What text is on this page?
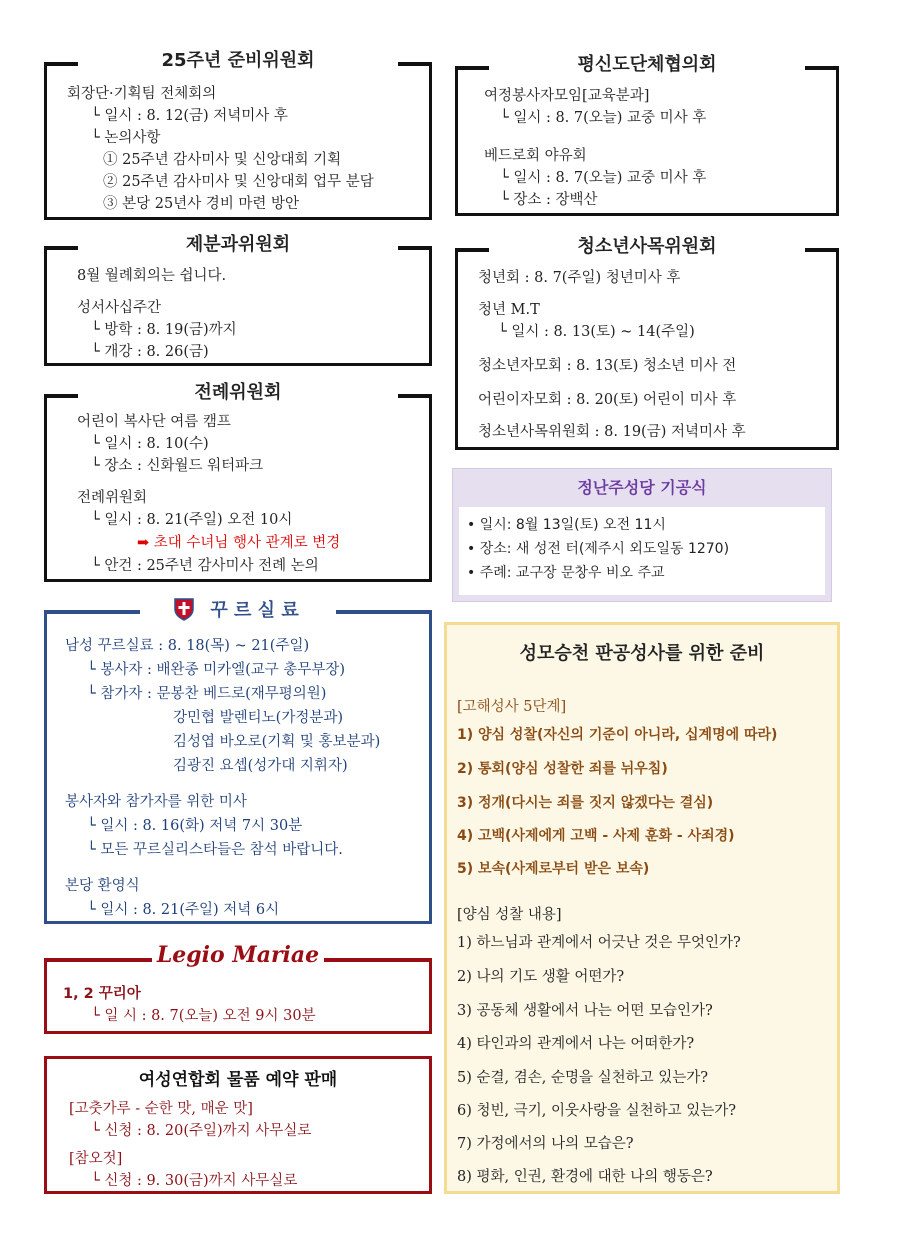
25주년 준비위원회
회장단·기획팀 전체회의
└ 일시 : 8. 12(금) 저녁미사 후
└ 논의사항
① 25주년 감사미사 및 신앙대회 기획
② 25주년 감사미사 및 신앙대회 업무 분담
③ 본당 25년사 경비 마련 방안
평신도단체협의회
여정봉사자모임[교육분과]
└ 일시 : 8. 7(오늘) 교중 미사 후
베드로회 야유회
└ 일시 : 8. 7(오늘) 교중 미사 후
└ 장소 : 장백산
제분과위원회
8월 월례회의는 쉽니다.
성서사십주간
└ 방학 : 8. 19(금)까지
└ 개강 : 8. 26(금)
청소년사목위원회
청년회 : 8. 7(주일) 청년미사 후
청년 M.T
└ 일시 : 8. 13(토) ~ 14(주일)
청소년자모회 : 8. 13(토) 청소년 미사 전
어린이자모회 : 8. 20(토) 어린이 미사 후
청소년사목위원회 : 8. 19(금) 저녁미사 후
전례위원회
어린이 복사단 여름 캠프
└ 일시 : 8. 10(수)
└ 장소 : 신화월드 워터파크
전례위원회
└ 일시 : 8. 21(주일) 오전 10시
➡ 초대 수녀님 행사 관계로 변경
└ 안건 : 25주년 감사미사 전례 논의
정난주성당 기공식
• 일시: 8월 13일(토) 오전 11시
• 장소: 새 성전 터(제주시 외도일동 1270)
• 주례: 교구장 문창우 비오 주교
꾸 르 실 료
남성 꾸르실료 : 8. 18(목) ~ 21(주일)
└ 봉사자 : 배완종 미카엘(교구 총무부장)
└ 참가자 : 문봉찬 베드로(재무평의원)
강민협 발렌티노(가정분과)
김성엽 바오로(기획 및 홍보분과)
김광진 요셉(성가대 지휘자)
봉사자와 참가자를 위한 미사
└ 일시 : 8. 16(화) 저녁 7시 30분
└ 모든 꾸르실리스타들은 참석 바랍니다.
본당 환영식
└ 일시 : 8. 21(주일) 저녁 6시
성모승천 판공성사를 위한 준비
[고해성사 5단계]
1) 양심 성찰(자신의 기준이 아니라, 십계명에 따라)
2) 통회(양심 성찰한 죄를 뉘우침)
3) 정개(다시는 죄를 짓지 않겠다는 결심)
4) 고백(사제에게 고백 - 사제 훈화 - 사죄경)
5) 보속(사제로부터 받은 보속)
[양심 성찰 내용]
1) 하느님과 관계에서 어긋난 것은 무엇인가?
2) 나의 기도 생활 어떤가?
3) 공동체 생활에서 나는 어떤 모습인가?
4) 타인과의 관계에서 나는 어떠한가?
5) 순결, 겸손, 순명을 실천하고 있는가?
6) 청빈, 극기, 이웃사랑을 실천하고 있는가?
7) 가정에서의 나의 모습은?
8) 평화, 인권, 환경에 대한 나의 행동은?
Legio Mariae
1, 2 꾸리아
└ 일 시 : 8. 7(오늘) 오전 9시 30분
여성연합회 물품 예약 판매
[고춧가루 - 순한 맛, 매운 맛]
└ 신청 : 8. 20(주일)까지 사무실로
[참오젓]
└ 신청 : 9. 30(금)까지 사무실로
